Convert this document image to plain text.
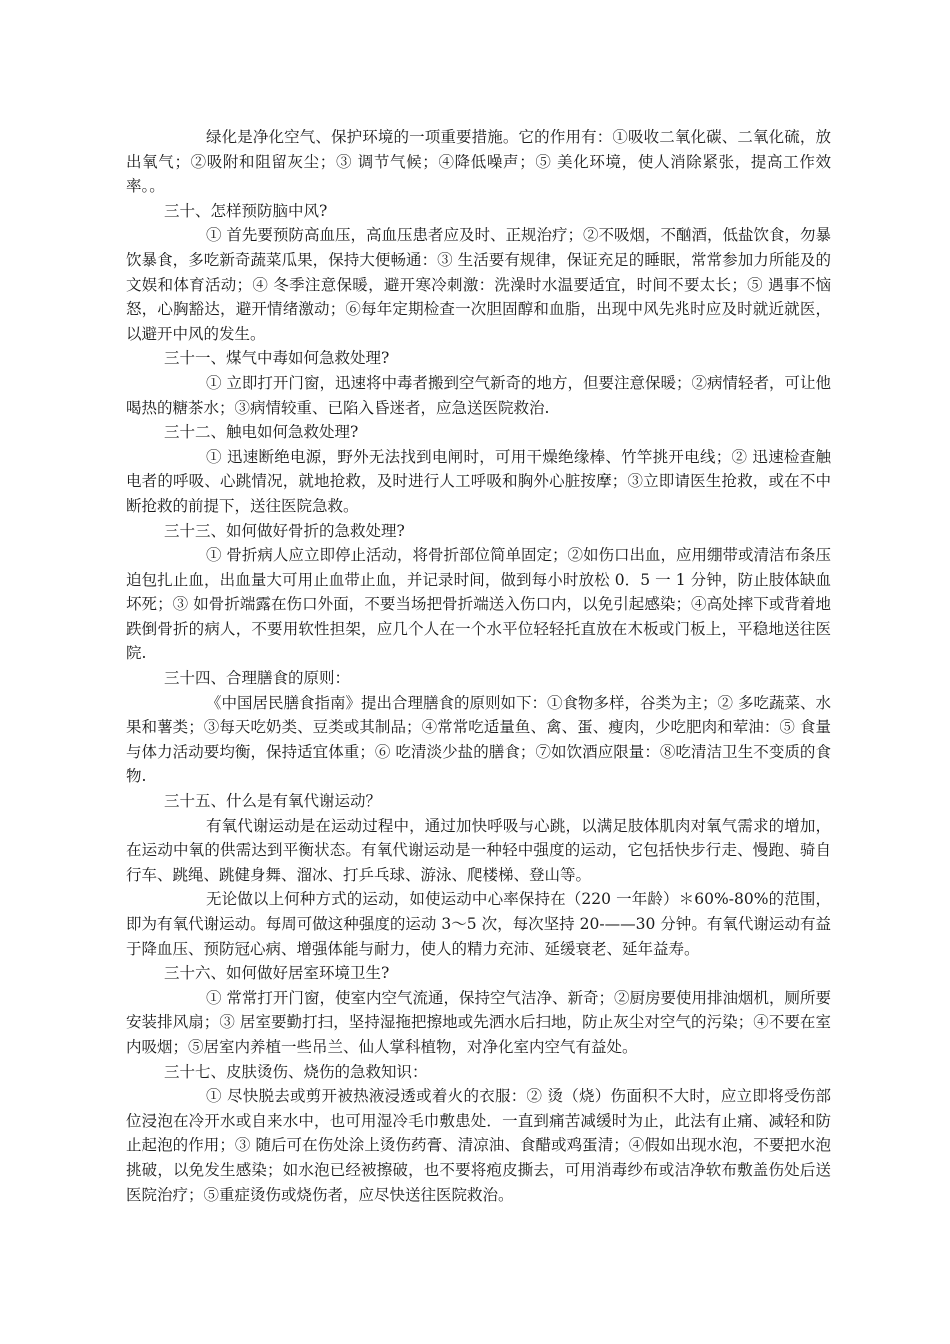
绿化是净化空气、保护环境的一项重要措施。它的作用有：①吸收二氧化碳、二氧化硫，放出氧气；②吸附和阻留灰尘；③ 调节气候；④降低噪声；⑤ 美化环境，使人消除紧张，提高工作效率。。

三十、怎样预防脑中风?

① 首先要预防高血压，高血压患者应及时、正规治疗；②不吸烟，不酗酒，低盐饮食，勿暴饮暴食，多吃新奇蔬菜瓜果，保持大便畅通：③ 生活要有规律，保证充足的睡眠，常常参加力所能及的文娱和体育活动；④ 冬季注意保暖，避开寒冷刺激：洗澡时水温要适宜，时间不要太长；⑤ 遇事不恼怒，心胸豁达，避开情绪激动；⑥每年定期检查一次胆固醇和血脂，出现中风先兆时应及时就近就医，以避开中风的发生。

三十一、煤气中毒如何急救处理?

① 立即打开门窗，迅速将中毒者搬到空气新奇的地方，但要注意保暖；②病情轻者，可让他喝热的糖茶水；③病情较重、已陷入昏迷者，应急送医院救治.

三十二、触电如何急救处理?

① 迅速断绝电源，野外无法找到电闸时，可用干燥绝缘棒、竹竿挑开电线；② 迅速检查触电者的呼吸、心跳情况，就地抢救，及时进行人工呼吸和胸外心脏按摩；③立即请医生抢救，或在不中断抢救的前提下，送往医院急救。

三十三、如何做好骨折的急救处理?

① 骨折病人应立即停止活动，将骨折部位简单固定；②如伤口出血，应用绷带或清洁布条压迫包扎止血，出血量大可用止血带止血，并记录时间，做到每小时放松 0．5 一 1 分钟，防止肢体缺血坏死；③ 如骨折端露在伤口外面，不要当场把骨折端送入伤口内，以免引起感染；④高处摔下或背着地跌倒骨折的病人，不要用软性担架，应几个人在一个水平位轻轻托直放在木板或门板上，平稳地送往医院.

三十四、合理膳食的原则：

《中国居民膳食指南》提出合理膳食的原则如下：①食物多样，谷类为主；② 多吃蔬菜、水果和薯类；③每天吃奶类、豆类或其制品；④常常吃适量鱼、禽、蛋、瘦肉，少吃肥肉和荤油：⑤ 食量与体力活动要均衡，保持适宜体重；⑥ 吃清淡少盐的膳食；⑦如饮酒应限量：⑧吃清洁卫生不变质的食物.

三十五、什么是有氧代谢运动？

有氧代谢运动是在运动过程中，通过加快呼吸与心跳，以满足肢体肌肉对氧气需求的增加，在运动中氧的供需达到平衡状态。有氧代谢运动是一种轻中强度的运动，它包括快步行走、慢跑、骑自行车、跳绳、跳健身舞、溜冰、打乒乓球、游泳、爬楼梯、登山等。

无论做以上何种方式的运动，如使运动中心率保持在（220 一年龄）＊60%-80%的范围，即为有氧代谢运动。每周可做这种强度的运动 3～5 次，每次坚持 20-——30 分钟。有氧代谢运动有益于降血压、预防冠心病、增强体能与耐力，使人的精力充沛、延缓衰老、延年益寿。

三十六、如何做好居室环境卫生?

① 常常打开门窗，使室内空气流通，保持空气洁净、新奇；②厨房要使用排油烟机，厕所要安装排风扇；③ 居室要勤打扫，坚持湿拖把擦地或先洒水后扫地，防止灰尘对空气的污染；④不要在室内吸烟；⑤居室内养植一些吊兰、仙人掌科植物，对净化室内空气有益处。

三十七、皮肤烫伤、烧伤的急救知识：

① 尽快脱去或剪开被热液浸透或着火的衣服：② 烫（烧）伤面积不大时，应立即将受伤部位浸泡在冷开水或自来水中，也可用湿冷毛巾敷患处．一直到痛苦减缓时为止，此法有止痛、减轻和防止起泡的作用；③ 随后可在伤处涂上烫伤药膏、清凉油、食醋或鸡蛋清；④假如出现水泡，不要把水泡挑破，以免发生感染；如水泡已经被擦破，也不要将疱皮撕去，可用消毒纱布或洁净软布敷盖伤处后送医院治疗；⑤重症烫伤或烧伤者，应尽快送往医院救治。
